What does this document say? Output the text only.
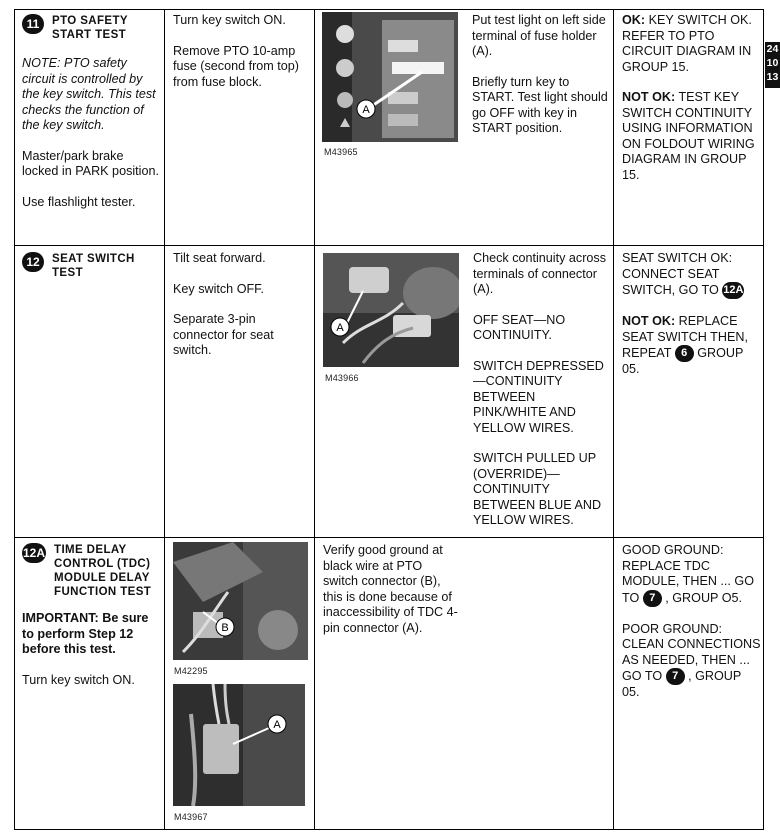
24
10
13
11 PTO SAFETY
START TEST

NOTE: PTO safety circuit is controlled by the key switch. This test checks the function of the key switch.

Master/park brake locked in PARK position.

Use flashlight tester.

Turn key switch ON.

Remove PTO 10-amp fuse (second from top) from fuse block.

A
M43965

Put test light on left side terminal of fuse holder (A).

Briefly turn key to START. Test light should go OFF with key in START position.

OK: KEY SWITCH OK. REFER TO PTO CIRCUIT DIAGRAM IN GROUP 15.

NOT OK: TEST KEY SWITCH CONTINUITY USING INFORMATION ON FOLDOUT WIRING DIAGRAM IN GROUP 15.

12 SEAT SWITCH
TEST

Tilt seat forward.

Key switch OFF.

Separate 3-pin connector for seat switch.

A
M43966

Check continuity across terminals of connector (A).

OFF SEAT—NO CONTINUITY.

SWITCH DEPRESSED—CONTINUITY BETWEEN PINK/WHITE AND YELLOW WIRES.

SWITCH PULLED UP (OVERRIDE)—CONTINUITY BETWEEN BLUE AND YELLOW WIRES.

SEAT SWITCH OK: CONNECT SEAT SWITCH, GO TO 12A

NOT OK: REPLACE SEAT SWITCH THEN, REPEAT 6 GROUP 05.

12A TIME DELAY
CONTROL (TDC)
MODULE DELAY
FUNCTION TEST

IMPORTANT: Be sure to perform Step 12 before this test.

Turn key switch ON.

B
M42295
A
M43967

Verify good ground at black wire at PTO switch connector (B), this is done because of inaccessibility of TDC 4-pin connector (A).

GOOD GROUND: REPLACE TDC MODULE, THEN ... GO TO 7 , GROUP O5.

POOR GROUND: CLEAN CONNECTIONS AS NEEDED, THEN ... GO TO 7 , GROUP 05.
